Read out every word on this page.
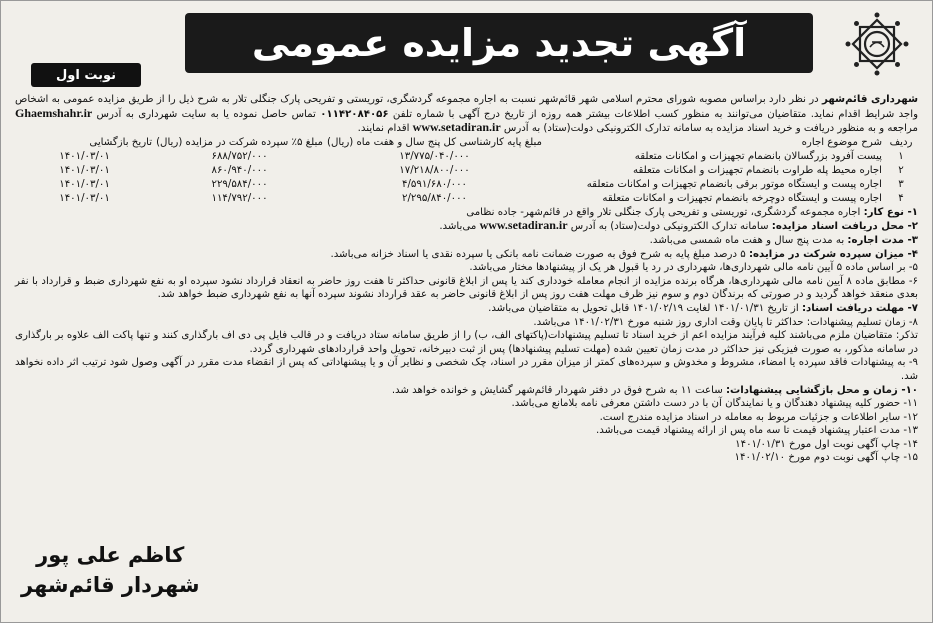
آگهی تجدید مزایده عمومی
نوبت اول

شهرداری قائم‌شهر در نظر دارد براساس مصوبه شورای محترم اسلامی شهر قائم‌شهر نسبت به اجاره مجموعه گردشگری، توریستی و تفریحی پارک جنگلی تلار به شرح ذیل را از طریق مزایده عمومی به اشخاص واجد شرایط اقدام نماید. متقاضیان می‌توانند به منظور کسب اطلاعات بیشتر همه روزه از تاریخ درج آگهی با شماره تلفن ۰۱۱۴۲۰۸۴۰۵۶ تماس حاصل نموده یا به سایت شهرداری به آدرس Ghaemshahr.ir مراجعه و به منظور دریافت و خرید اسناد مزایده به سامانه تدارک الکترونیکی دولت(ستاد) به آدرس www.setadiran.ir اقدام نمایند.

ردیف	شرح موضوع اجاره	مبلغ پایه کارشناسی کل پنج سال و هفت ماه (ریال)	مبلغ ۵٪ سپرده شرکت در مزایده (ریال)	تاریخ بازگشایی
۱	پیست آفرود بزرگسالان بانضمام تجهیزات و امکانات متعلقه	۱۳/۷۷۵/۰۴۰/۰۰۰	۶۸۸/۷۵۲/۰۰۰	۱۴۰۱/۰۳/۰۱
۲	اجاره محیط پله طراوت بانضمام تجهیزات و امکانات متعلقه	۱۷/۲۱۸/۸۰۰/۰۰۰	۸۶۰/۹۴۰/۰۰۰	۱۴۰۱/۰۳/۰۱
۳	اجاره پیست و ایستگاه موتور برقی بانضمام تجهیزات و امکانات متعلقه	۴/۵۹۱/۶۸۰/۰۰۰	۲۲۹/۵۸۴/۰۰۰	۱۴۰۱/۰۳/۰۱
۴	اجاره پیست و ایستگاه دوچرخه بانضمام تجهیزات و امکانات متعلقه	۲/۲۹۵/۸۴۰/۰۰۰	۱۱۴/۷۹۲/۰۰۰	۱۴۰۱/۰۳/۰۱

۱- نوع کار: اجاره مجموعه گردشگری، توریستی و تفریحی پارک جنگلی تلار واقع در قائم‌شهر- جاده نظامی

۲- محل دریافت اسناد مزایده: سامانه تدارک الکترونیکی دولت(ستاد) به آدرس www.setadiran.ir می‌باشد.

۳- مدت اجاره: به مدت پنج سال و هفت ماه شمسی می‌باشد.

۴- میزان سپرده شرکت در مزایده: ۵ درصد مبلغ پایه به شرح فوق به صورت ضمانت نامه بانکی یا سپرده نقدی یا اسناد خزانه می‌باشد.

۵- بر اساس ماده ۵ آیین نامه مالی شهرداری‌ها، شهرداری در رد یا قبول هر یک از پیشنهادها مختار می‌باشد.

۶- مطابق ماده ۸ آیین نامه مالی شهرداری‌ها، هرگاه برنده مزایده از انجام معامله خودداری کند یا پس از ابلاغ قانونی حداکثر تا هفت روز حاضر به انعقاد قرارداد نشود سپرده او به نفع شهرداری ضبط و قرارداد با نفر بعدی منعقد خواهد گردید و در صورتی که برندگان دوم و سوم نیز ظرف مهلت هفت روز پس از ابلاغ قانونی حاضر به عقد قرارداد نشوند سپرده آنها به نفع شهرداری ضبط خواهد شد.

۷- مهلت دریافت اسناد: از تاریخ ۱۴۰۱/۰۱/۳۱ لغایت ۱۴۰۱/۰۲/۱۹ قابل تحویل به متقاضیان می‌باشد.

۸- زمان تسلیم پیشنهادات: حداکثر تا پایان وقت اداری روز شنبه مورخ ۱۴۰۱/۰۲/۳۱ می‌باشد.

تذکر: متقاضیان ملزم می‌باشند کلیه فرآیند مزایده اعم از خرید اسناد تا تسلیم پیشنهادات(پاکتهای الف، ب) را از طریق سامانه ستاد دریافت و در قالب فایل پی دی اف بارگذاری کنند و تنها پاکت الف علاوه بر بارگذاری در سامانه مذکور، به صورت فیزیکی نیز حداکثر در مدت زمان تعیین شده (مهلت تسلیم پیشنهادها) پس از ثبت دبیرخانه، تحویل واحد قراردادهای شهرداری گردد.

۹- به پیشنهادات فاقد سپرده یا امضاء، مشروط و مخدوش و سپرده‌های کمتر از میزان مقرر در اسناد، چک شخصی و نظایر آن و یا پیشنهاداتی که پس از انقضاء مدت مقرر در آگهی وصول شود ترتیب اثر داده نخواهد شد.

۱۰- زمان و محل بازگشایی پیشنهادات: ساعت ۱۱ به شرح فوق در دفتر شهردار قائم‌شهر گشایش و خوانده خواهد شد.

۱۱- حضور کلیه پیشنهاد دهندگان و یا نمایندگان آن با در دست داشتن معرفی نامه بلامانع می‌باشد.

۱۲- سایر اطلاعات و جزئیات مربوط به معامله در اسناد مزایده مندرج است.

۱۳- مدت اعتبار پیشنهاد قیمت تا سه ماه پس از ارائه پیشنهاد قیمت می‌باشد.

۱۴- چاپ آگهی نوبت اول مورخ ۱۴۰۱/۰۱/۳۱

۱۵- چاپ آگهی نوبت دوم مورخ ۱۴۰۱/۰۲/۱۰

کاظم علی پور
شهردار قائم‌شهر
